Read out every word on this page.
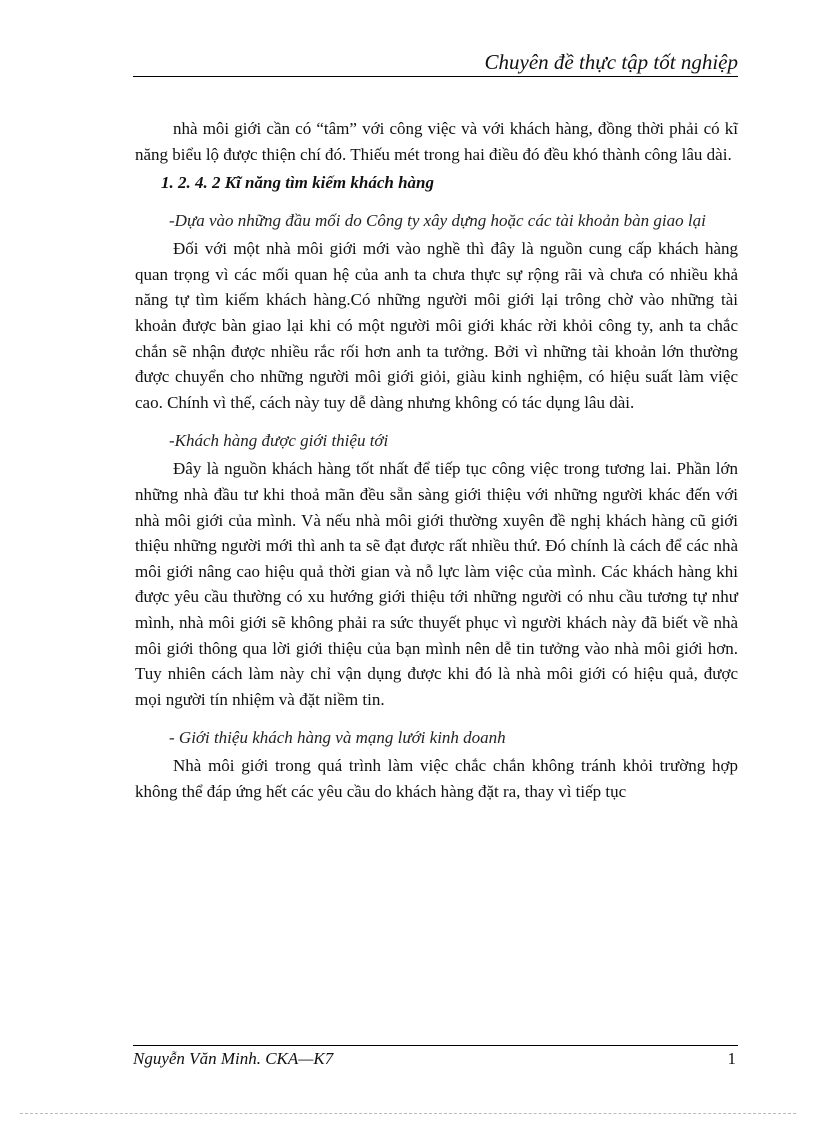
Chuyên đề thực tập tốt nghiệp

nhà môi giới cần có “tâm” với công việc và với khách hàng, đồng thời phải có kĩ năng biểu lộ được thiện chí đó. Thiếu mét trong hai điều đó đều khó thành công lâu dài.

1. 2. 4. 2 Kĩ năng tìm kiếm khách hàng

-Dựa vào những đầu mối do Công ty xây dựng hoặc các tài khoản bàn giao lại

Đối với một nhà môi giới mới vào nghề thì đây là nguồn cung cấp khách hàng quan trọng vì các mối quan hệ của anh ta chưa thực sự rộng rãi và chưa có nhiều khả năng tự tìm kiếm khách hàng.Có những người môi giới lại trông chờ vào những tài khoản được bàn giao lại khi có một người môi giới khác rời khỏi công ty, anh ta chắc chắn sẽ nhận được nhiều rắc rối hơn anh ta tưởng. Bởi vì những tài khoản lớn thường được chuyển cho những người môi giới giỏi, giàu kinh nghiệm, có hiệu suất làm việc cao. Chính vì thế, cách này tuy dễ dàng nhưng không có tác dụng lâu dài.

-Khách hàng được giới thiệu tới

Đây là nguồn khách hàng tốt nhất để tiếp tục công việc trong tương lai. Phần lớn những nhà đầu tư khi thoả mãn đều sẵn sàng giới thiệu với những người khác đến với nhà môi giới của mình. Và nếu nhà môi giới thường xuyên đề nghị khách hàng cũ giới thiệu những người mới thì anh ta sẽ đạt được rất nhiều thứ. Đó chính là cách để các nhà môi giới nâng cao hiệu quả thời gian và nỗ lực làm việc của mình. Các khách hàng khi được yêu cầu thường có xu hướng giới thiệu tới những người có nhu cầu tương tự như mình, nhà môi giới sẽ không phải ra sức thuyết phục vì người khách này đã biết về nhà môi giới thông qua lời giới thiệu của bạn mình nên dễ tin tưởng vào nhà môi giới hơn. Tuy nhiên cách làm này chỉ vận dụng được khi đó là nhà môi giới có hiệu quả, được mọi người tín nhiệm và đặt niềm tin.

- Giới thiệu khách hàng và mạng lưới kinh doanh

Nhà môi giới trong quá trình làm việc chắc chắn không tránh khỏi trường hợp không thể đáp ứng hết các yêu cầu do khách hàng đặt ra, thay vì tiếp tục

Nguyễn Văn Minh. CKA—K7	1
